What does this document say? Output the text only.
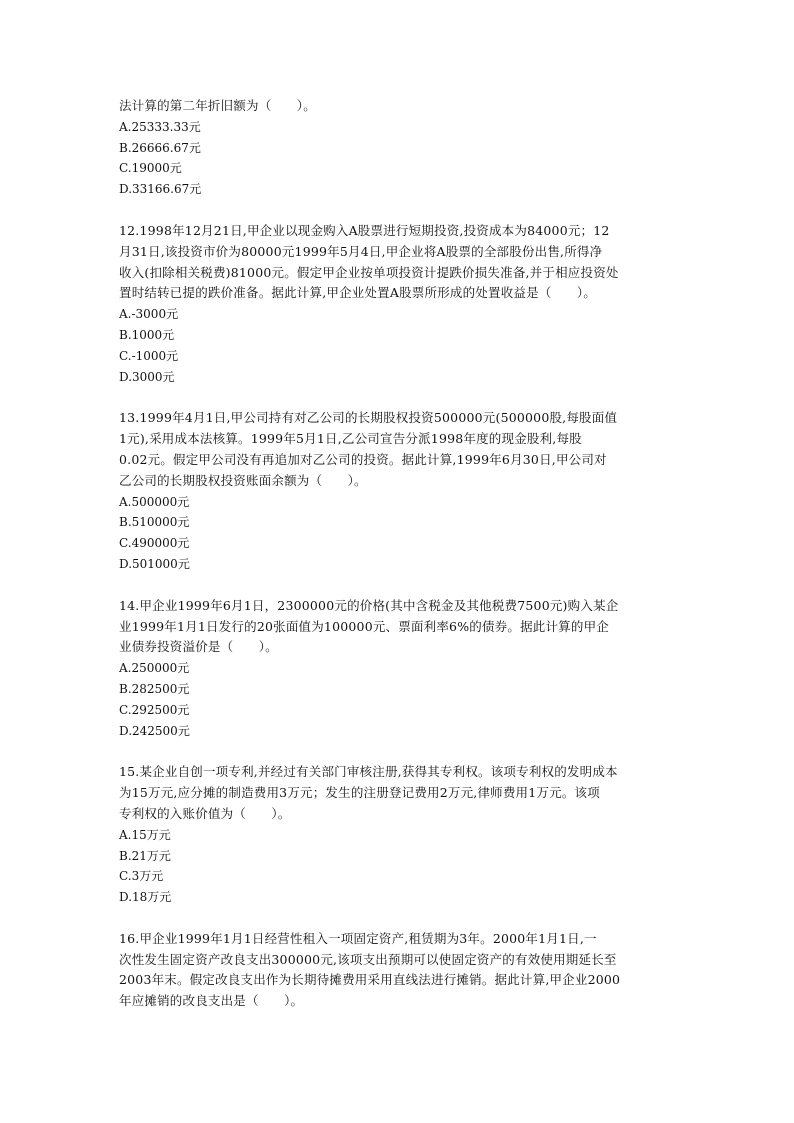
法计算的第二年折旧额为（　　）。
A.25333.33元
B.26666.67元
C.19000元
D.33166.67元
12.1998年12月21日,甲企业以现金购入A股票进行短期投资,投资成本为84000元；12
月31日,该投资市价为80000元1999年5月4日,甲企业将A股票的全部股份出售,所得净
收入(扣除相关税费)81000元。假定甲企业按单项投资计提跌价损失准备,并于相应投资处
置时结转已提的跌价准备。据此计算,甲企业处置A股票所形成的处置收益是（　　）。
A.-3000元
B.1000元
C.-1000元
D.3000元
13.1999年4月1日,甲公司持有对乙公司的长期股权投资500000元(500000股,每股面值
1元),采用成本法核算。1999年5月1日,乙公司宣告分派1998年度的现金股利,每股
0.02元。假定甲公司没有再追加对乙公司的投资。据此计算,1999年6月30日,甲公司对
乙公司的长期股权投资账面余额为（　　）。
A.500000元
B.510000元
C.490000元
D.501000元
14.甲企业1999年6月1日，2300000元的价格(其中含税金及其他税费7500元)购入某企
业1999年1月1日发行的20张面值为100000元、票面利率6%的债券。据此计算的甲企
业债券投资溢价是（　　）。
A.250000元
B.282500元
C.292500元
D.242500元
15.某企业自创一项专利,并经过有关部门审核注册,获得其专利权。该项专利权的发明成本
为15万元,应分摊的制造费用3万元；发生的注册登记费用2万元,律师费用1万元。该项
专利权的入账价值为（　　）。
A.15万元
B.21万元
C.3万元
D.18万元
16.甲企业1999年1月1日经营性租入一项固定资产,租赁期为3年。2000年1月1日,一
次性发生固定资产改良支出300000元,该项支出预期可以使固定资产的有效使用期延长至
2003年末。假定改良支出作为长期待摊费用采用直线法进行摊销。据此计算,甲企业2000
年应摊销的改良支出是（　　）。
